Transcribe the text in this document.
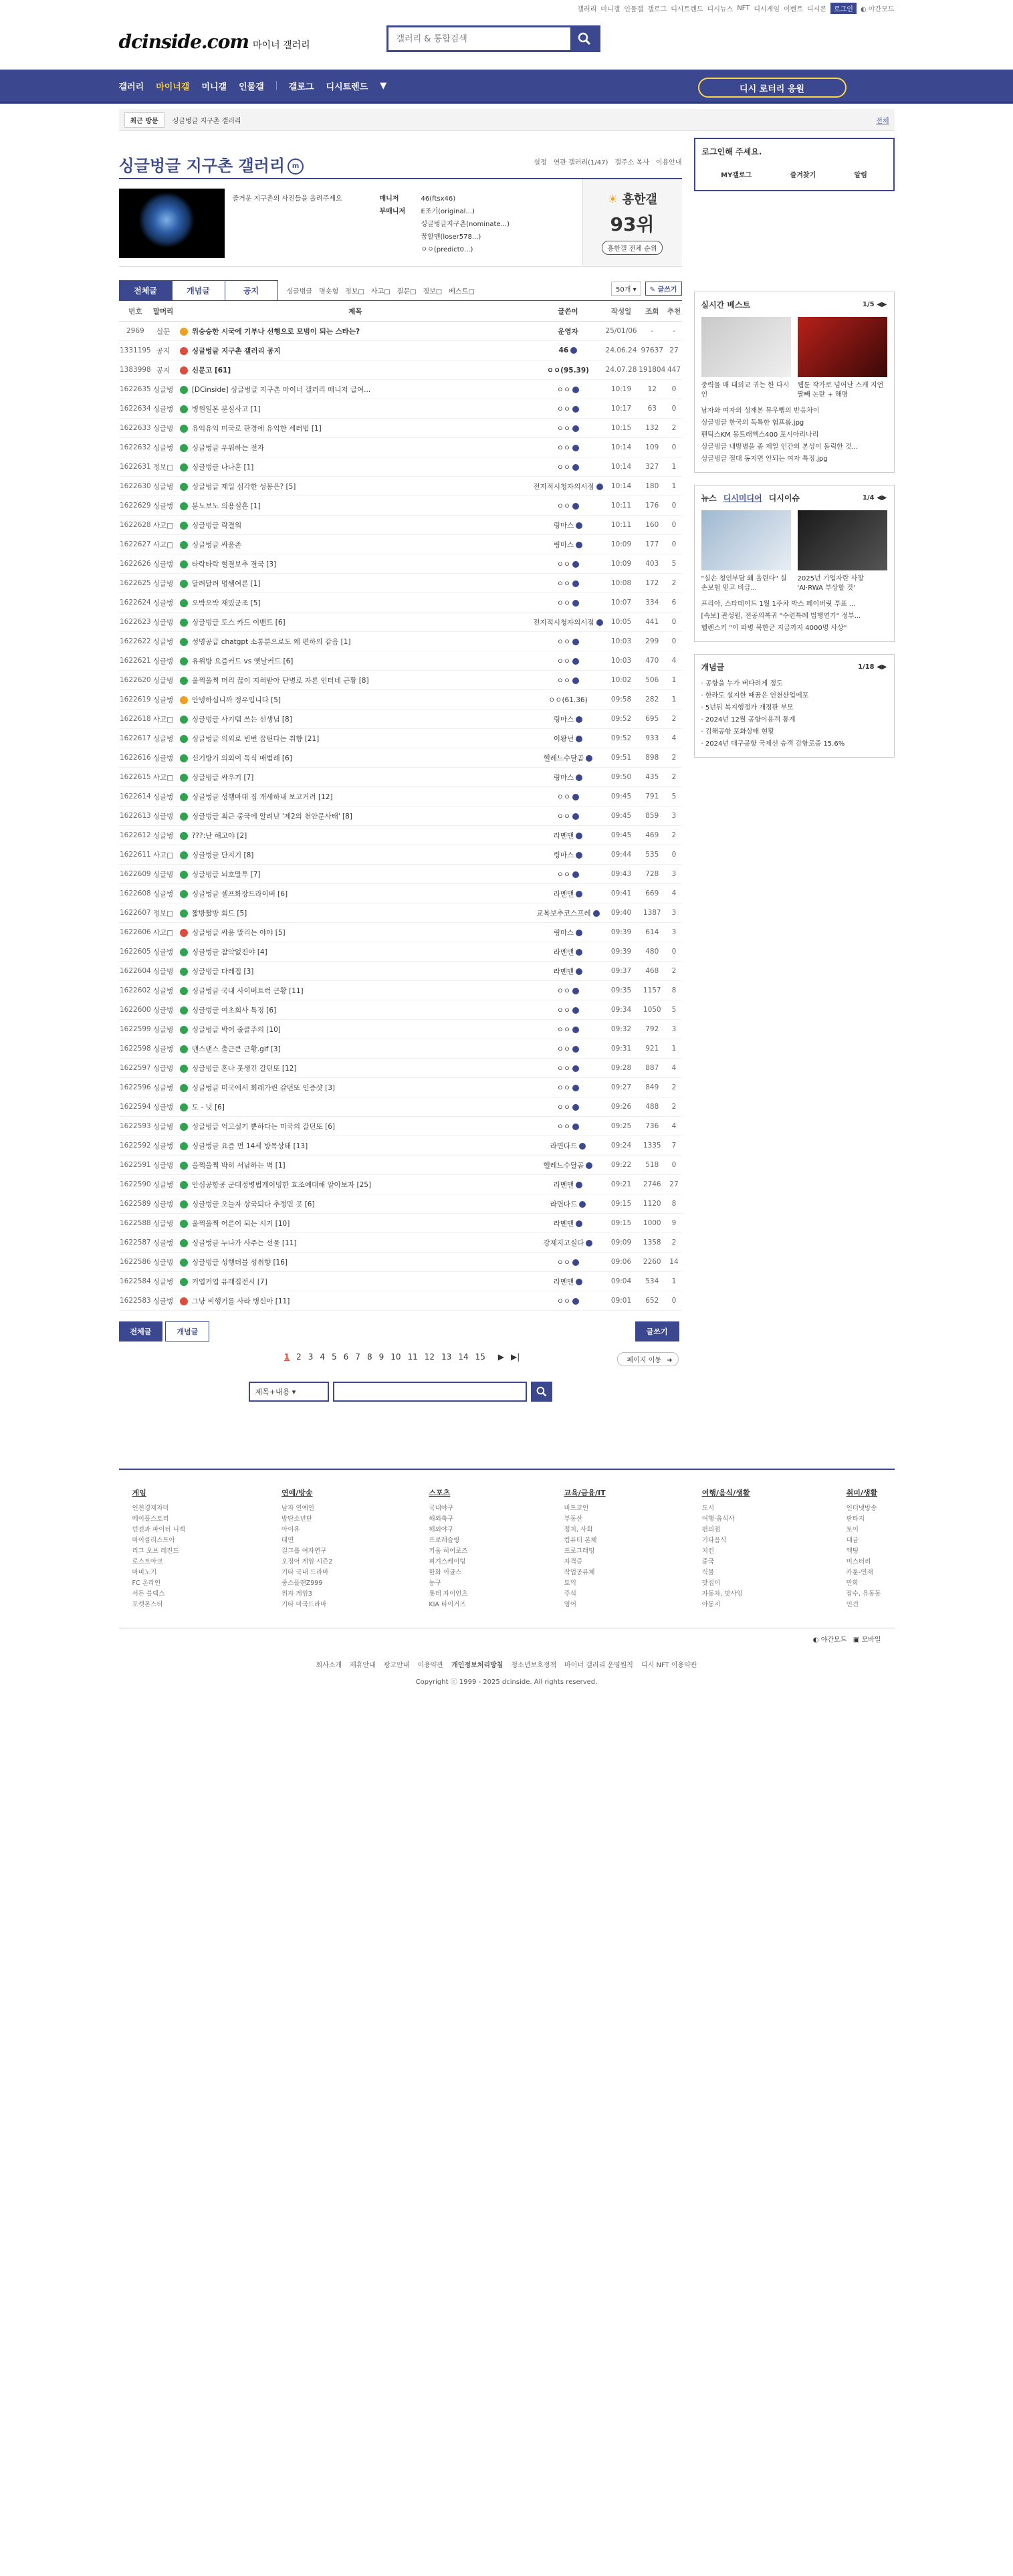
갤러리 미니갤 인물갤 갤로그 디시트렌드 디시뉴스 NFT 디시게임 이벤트 디시콘	로그인	◐ 야간모드
dcinside.com 마이너 갤러리
갤러리 & 통합검색
갤러리 마이너갤 미니갤 인물갤	갤로그 디시트렌드 ▼	디시 로터리 응원
최근 방문	싱글벙글 지구촌 갤러리	전체
싱글벙글 지구촌 갤러리 m	설정 연관 갤러리(1/47) 갤주소 복사 이용안내
즐거운 지구촌의 사진들을 올려주세요	매니저	46(ftsx46)
부매니저 E조기(original...)
싱글벙글지구촌(nominate...)
꿈할멘(loser578...)
ㅇㅇ(predict0...)
☀ 흥한갤
93위
흥한갤 전체 순위
전체글	개념글	공지	싱글벙글 명숏헝 정보□ 사고□ 질문□ 정보□ 베스트□	50개 ▾	✎ 글쓰기
번호	말머리	제목	글쓴이	작성일	조회	추천
2969	설문	위승승한 시국에 기부나 선행으로 모범이 되는 스타는?	운영자	25/01/06	-	-
1331195	공지	싱글벙글 지구촌 갤러리 공지	46	24.06.24	97637	27
1383998	공지	신문고 [61]	ㅇㅇ(95.39)	24.07.28	191804	447
1622635	싱글벙	[DCinside] 싱글벙글 지구촌 마이너 갤러리 매니저 급여...	ㅇㅇ	10:19	12	0
1622634	싱글벙	병원일본 분실사고 [1]	ㅇㅇ	10:17	63	0
1622633	싱글벙	유익유익 미국로 판경에 유익한 세러법 [1]	ㅇㅇ	10:15	132	2
1622632	싱글벙	싱글벙글 우워하는 전자	ㅇㅇ	10:14	109	0
1622631	정보□	싱글벙글 나나혼 [1]	ㅇㅇ	10:14	327	1
1622630	싱글벙	싱글벙글 제일 심각한 성몽은? [5]	전지적시청자의시점	10:14	180	1
1622629	싱글벙	분노보노 의용실흔 [1]	ㅇㅇ	10:11	176	0
1622628	사고□	싱글벙글 락결워	링마스	10:11	160	0
1622627	사고□	싱글벙글 싸움존	링마스	10:09	177	0
1622626	싱글벙	타락타락 혈결보추 결국 [3]	ㅇㅇ	10:09	403	5
1622625	싱글벙	달려달려 명쌤여론 [1]	ㅇㅇ	10:08	172	2
1622624	싱글벙	오박오박 재밌군조 [5]	ㅇㅇ	10:07	334	6
1622623	싱글벙	싱글벙글 토스 카드 이벤트 [6]	전지적시청자의시점	10:05	441	0
1622622	싱글벙	성명공급 chatgpt 소통분으로도 왜 편하의 같음 [1]	ㅇㅇ	10:03	299	0
1622621	싱글벙	유위방 요즘커드 vs 옛날커드 [6]	ㅇㅇ	10:03	470	4
1622620	싱글벙	울쩍울쩍 머리 끊이 지혀받아 단병로 자론 인터네 근황 [8]	ㅇㅇ	10:02	506	1
1622619	싱글벙	안녕하십니까 정우입니다 [5]	ㅇㅇ(61.36)	09:58	282	1
1622618	사고□	싱글벙글 사기템 쓰는 선생님 [8]	링마스	09:52	695	2
1622617	싱글벙	싱글벙글 의외로 빈번 꿈틴다는 취향 [21]	이왕넌	09:52	933	4
1622616	싱글벙	신기방기 의외이 독식 매범례 [6]	헬레느수달곰	09:51	898	2
1622615	사고□	싱글벙글 싸우기 [7]	링마스	09:50	435	2
1622614	싱글벙	싱글벙글 성행마대 집 개세하내 보고거려 [12]	ㅇㅇ	09:45	791	5
1622613	싱글벙	싱글벙글 최근 중국에 알려난 '제2의 천안문사태' [8]	ㅇㅇ	09:45	859	3
1622612	싱글벙	???:난 해고야 [2]	라멘맨	09:45	469	2
1622611	사고□	싱글벙글 단지기 [8]	링마스	09:44	535	0
1622609	싱글벙	싱글벙글 뇌호말투 [7]	ㅇㅇ	09:43	728	3
1622608	싱글벙	싱글벙글 셀프화장드라이버 [6]	라멘맨	09:41	669	4
1622607	정보□	짧방짧방 회드 [5]	교복보추코스프레	09:40	1387	3
1622606	사고□	싱글벙글 싸움 말리는 야야 [5]	링마스	09:39	614	3
1622605	싱글벙	싱글벙글 참악없진야 [4]	라멘맨	09:39	480	0
1622604	싱글벙	싱글벙글 다레집 [3]	라멘맨	09:37	468	2
1622602	싱글벙	싱글벙글 국내 사이버트럭 근황 [11]	ㅇㅇ	09:35	1157	8
1622600	싱글벙	싱글벙글 여초회사 특징 [6]	ㅇㅇ	09:34	1050	5
1622599	싱글벙	싱글벙글 박어 줄클주의 [10]	ㅇㅇ	09:32	792	3
1622598	싱글벙	댄스댄스 출근큰 근황.gif [3]	ㅇㅇ	09:31	921	1
1622597	싱글벙	싱글벙글 혼나 못생긴 갈던또 [12]	ㅇㅇ	09:28	887	4
1622596	싱글벙	싱글벙글 미국에서 회래가린 갈던또 인증샷 [3]	ㅇㅇ	09:27	849	2
1622594	싱글벙	도 - 넛 [6]	ㅇㅇ	09:26	488	2
1622593	싱글벙	싱글벙글 억고설기 뿐하다는 미국의 갈던또 [6]	ㅇㅇ	09:25	736	4
1622592	싱글벙	싱글벙글 요즘 먼 14세 방목상태 [13]	라면다드	09:24	1335	7
1622591	싱글벙	을쩍울쩍 박히 서남하는 벽 [1]	헬레느수달곰	09:22	518	0
1622590	싱글벙	안심공항공 군대정병법게이밍한 효조예대해 알아보자 [25]	라멘맨	09:21	2746	27
1622589	싱글벙	싱글벙글 오늘자 상국되다 추정민 곳 [6]	라면다드	09:15	1120	8
1622588	싱글벙	울쩍울쩍 어른이 되는 시기 [10]	라멘맨	09:15	1000	9
1622587	싱글벙	싱글벙글 누나가 사주는 선물 [11]	강제지고실다	09:09	1358	2
1622586	싱글벙	싱글벙글 성행더블 성취향 [16]	ㅇㅇ	09:06	2260	14
1622584	싱글벙	커엽커엽 유래집전시 [7]	라멘맨	09:04	534	1
1622583	싱글벙	그냥 비행기를 사라 병신아 [11]	ㅇㅇ	09:01	652	0
전체글	개념글	글쓰기
1 2 3 4 5 6 7 8 9 10 11 12 13 14 15 ▶ ▶|	페이지 이동 ➜
제목+내용 ▾
로그인해 주세요.
MY갤로그	즐겨찾기	알림
실시간 베스트	1/5 ◀▶
중력물 매 대외교 귀는 한 다시인
웹툰 작가로 넘어난 스캐 지언 딸빼 논란 + 해명
남자와 여자의 성재본 뮤우뻥의 반응차이
싱글벙글 한국의 독특한 험프롭.jpg
펜틱스KM 몽트래엑스400 포시아리나리
싱글벙글 내방병을 좀 제일 인간의 본성이 돌릭한 것...
싱글벙글 절대 동지면 안되는 여자 특징.jpg
뉴스 디시미디어 디시이슈	1/4 ◀▶
"실손 청인부담 왜 올린다" 실손보험 믿고 비급...
2025년 기업자란 사장 'AI·RWA 부상할 것'
프리아, 스타데이드 1월 1주차 박스 페이버릿 투표 ...
[속보] 관성원, 전공의복귀 "수련특례 법행연기" 정부...
헬렌스키 "이 파병 북한군 지금까지 4000명 사상"
개념글	1/18 ◀▶
· 공항을 누가 버다려게 정도
· 한라도 설지한 때꿈은 인천산업에포
· 5년뒤 복지행정가 개정판 부모
· 2024년 12월 공항이용객 통계
· 김해공항 포화상태 현황
· 2024년 대구공항 국제선 승객 감항로증 15.6%
게임
인천경제자미
메이플스토리
던전과 파이터 니젝
마이클리스트아
리그 오브 레전드
로스트아크
마비노기
FC 온라인
서든 블랙스
포켓몬스터
연예/방송
남자 연예인
방탄소년단
아이유
태연
걸그룹 여자연구
오징어 게임 시즌2
기타 국내 드라마
중스플랜Z999
위자 게임3
기타 미국드라마
스포츠
국내야구
해외축구
해외야구
프로레슬링
키움 히어로즈
피겨스케이팅
한화 이글스
농구
롯데 자이언츠
KIA 타이거즈
교육/금융/IT
비트코인
부동산
정치, 사회
컴퓨터 본체
프로그래밍
자격증
작업공뮤체
토익
주식
영어
여행/음식/생활
도시
여행·음식사
편의점
기타음식
치킨
중국
식물
맛집이
자동차, 맛사임
아동지
취미/생활
인터넷방송
판타지
토이
대금
액팅
미스터리
카툰-연재
만화
잡수, 유동동
인견
◐ 야간모드 ▣ 모바일
회사소개 제휴안내 광고안내 이용약관 개인정보처리방침 청소년보호정책 마이너 갤러리 운영원칙 디시 NFT 이용약관
Copyright ⓒ 1999 - 2025 dcinside. All rights reserved.
